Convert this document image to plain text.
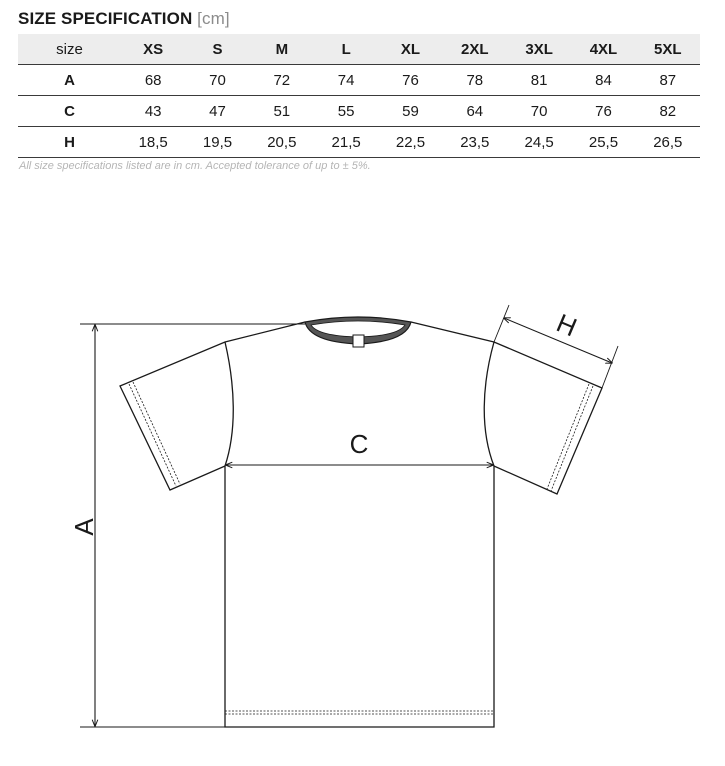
SIZE SPECIFICATION [cm]
size	XS	S	M	L	XL	2XL	3XL	4XL	5XL
A	68	70	72	74	76	78	81	84	87
C	43	47	51	55	59	64	70	76	82
H	18,5	19,5	20,5	21,5	22,5	23,5	24,5	25,5	26,5
All size specifications listed are in cm. Accepted tolerance of up to ± 5%.
A
C
H
